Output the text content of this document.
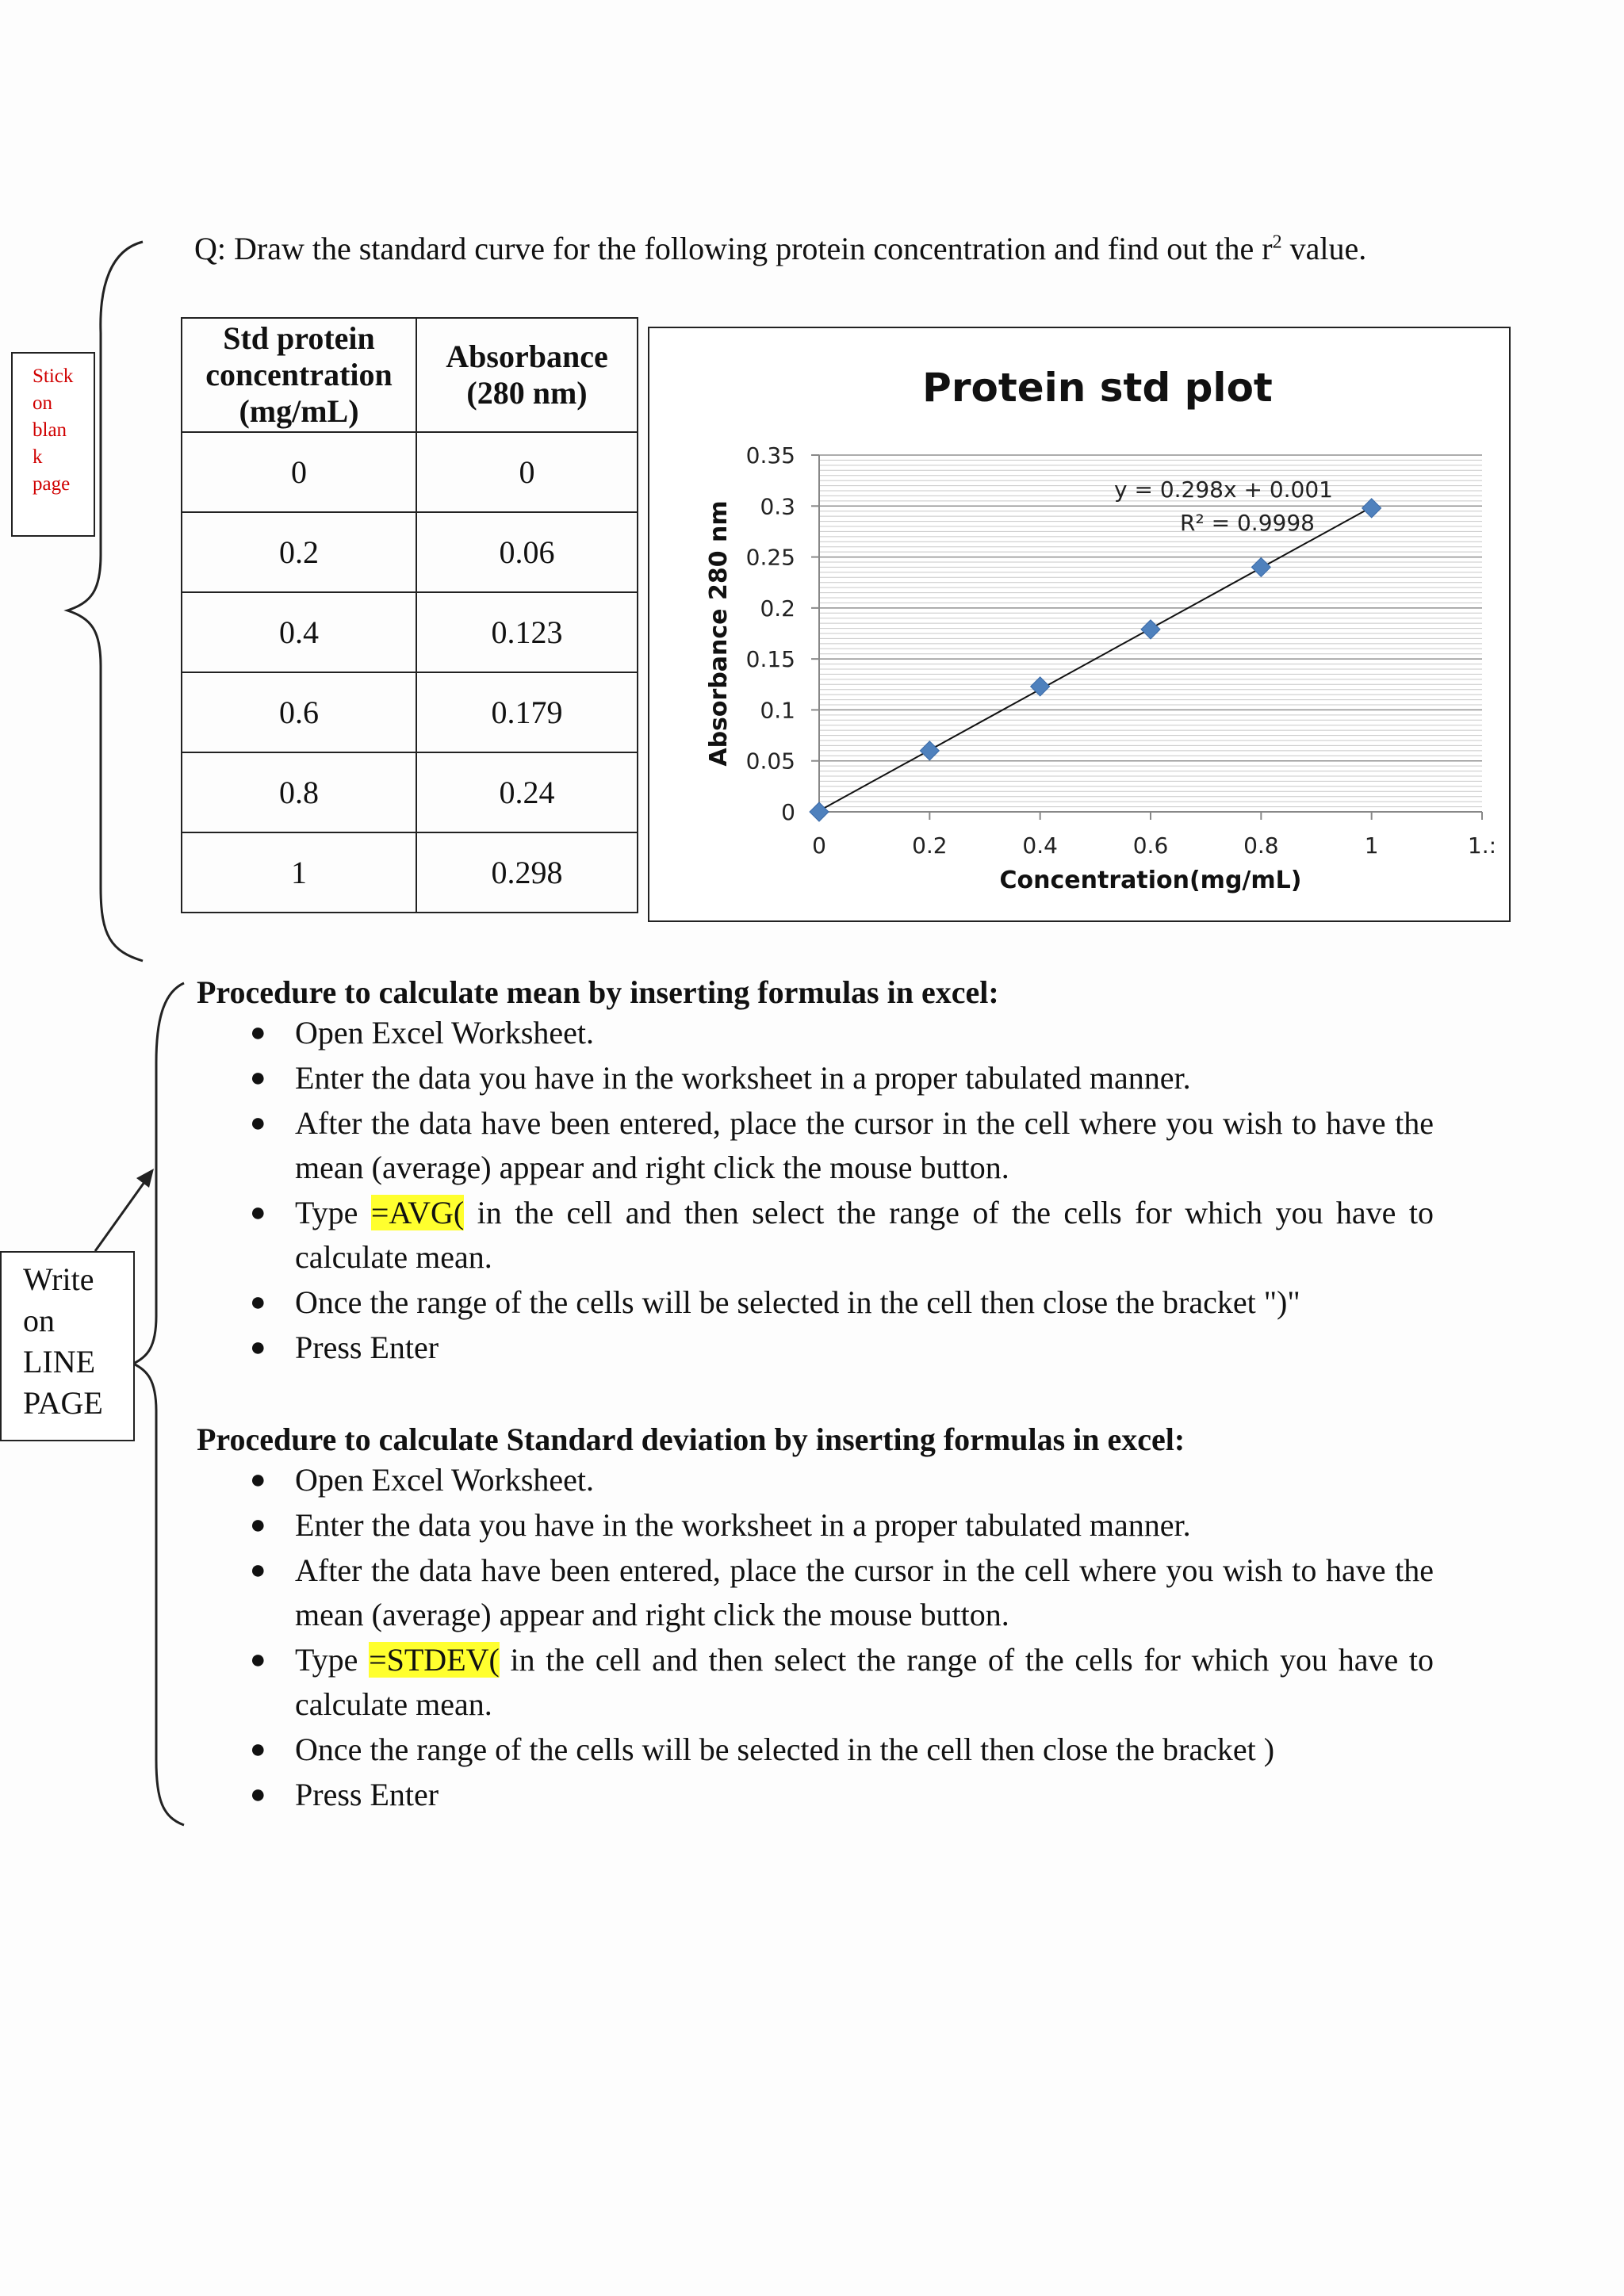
Q: Draw the standard curve for the following protein concentration and find out the $r^2$ value.
Stick
on
blan
k
page
Write
on
LINE
PAGE
Std protein concentration (mg/mL)	Absorbance (280 nm)
0	0
0.2	0.06
0.4	0.123
0.6	0.179
0.8	0.24
1	0.298
0
0.05
0.1
0.15
0.2
0.25
0.3
0.35
0	0.2	0.4	0.6	0.8	1	1.:
Protein std plot
Concentration(mg/mL)
Absorbance 280 nm
y = 0.298x + 0.001
R² = 0.9998
Procedure to calculate mean by inserting formulas in excel:
● Open Excel Worksheet.
● Enter the data you have in the worksheet in a proper tabulated manner.
● After the data have been entered, place the cursor in the cell where you wish to have the mean (average) appear and right click the mouse button.
● Type =AVG( in the cell and then select the range of the cells for which you have to calculate mean.
● Once the range of the cells will be selected in the cell then close the bracket ")"
● Press Enter
Procedure to calculate Standard deviation by inserting formulas in excel:
● Open Excel Worksheet.
● Enter the data you have in the worksheet in a proper tabulated manner.
● After the data have been entered, place the cursor in the cell where you wish to have the mean (average) appear and right click the mouse button.
● Type =STDEV( in the cell and then select the range of the cells for which you have to calculate mean.
● Once the range of the cells will be selected in the cell then close the bracket )
● Press Enter
